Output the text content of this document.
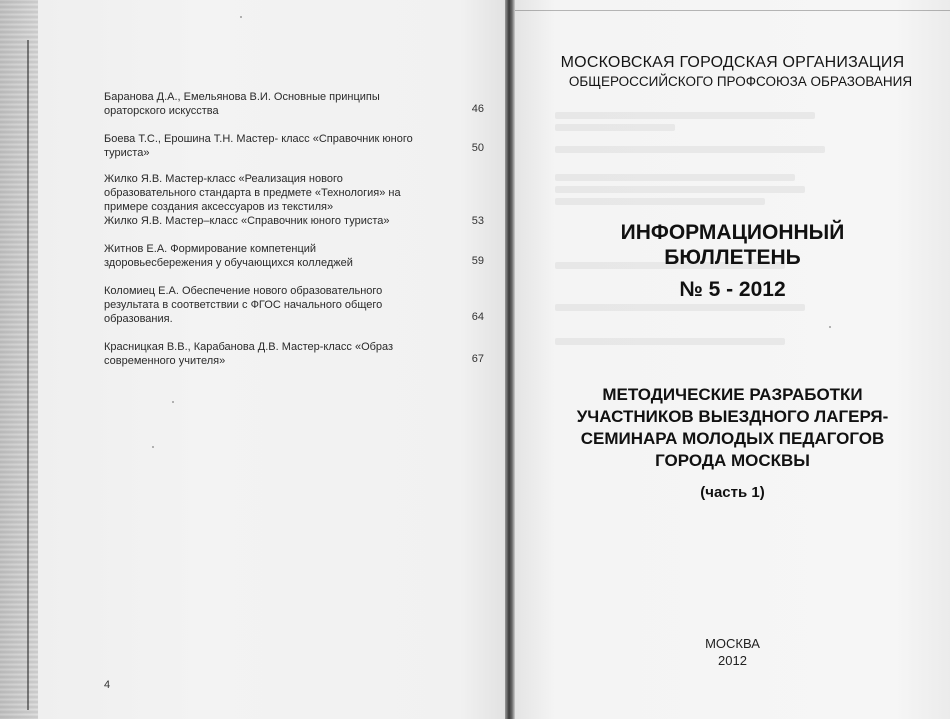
Баранова Д.А., Емельянова В.И. Основные принципы
ораторского искусства	46
Боева Т.С., Ерошина Т.Н. Мастер- класс «Справочник юного
туриста»	50
Жилко Я.В. Мастер-класс «Реализация нового
образовательного стандарта в предмете «Технология» на
примере создания аксессуаров из текстиля»
Жилко Я.В. Мастер–класс «Справочник юного туриста»	53
Житнов Е.А. Формирование компетенций
здоровьесбережения у обучающихся колледжей	59
Коломиец Е.А. Обеспечение нового образовательного
результата в соответствии с ФГОС начального общего
образования.	64
Красницкая В.В., Карабанова Д.В. Мастер-класс «Образ
современного учителя»	67
4
МОСКОВСКАЯ ГОРОДСКАЯ ОРГАНИЗАЦИЯ
ОБЩЕРОССИЙСКОГО ПРОФСОЮЗА ОБРАЗОВАНИЯ
ИНФОРМАЦИОННЫЙ
БЮЛЛЕТЕНЬ
№ 5 - 2012
МЕТОДИЧЕСКИЕ РАЗРАБОТКИ
УЧАСТНИКОВ ВЫЕЗДНОГО ЛАГЕРЯ-
СЕМИНАРА МОЛОДЫХ ПЕДАГОГОВ
ГОРОДА МОСКВЫ
(часть 1)
МОСКВА
2012
